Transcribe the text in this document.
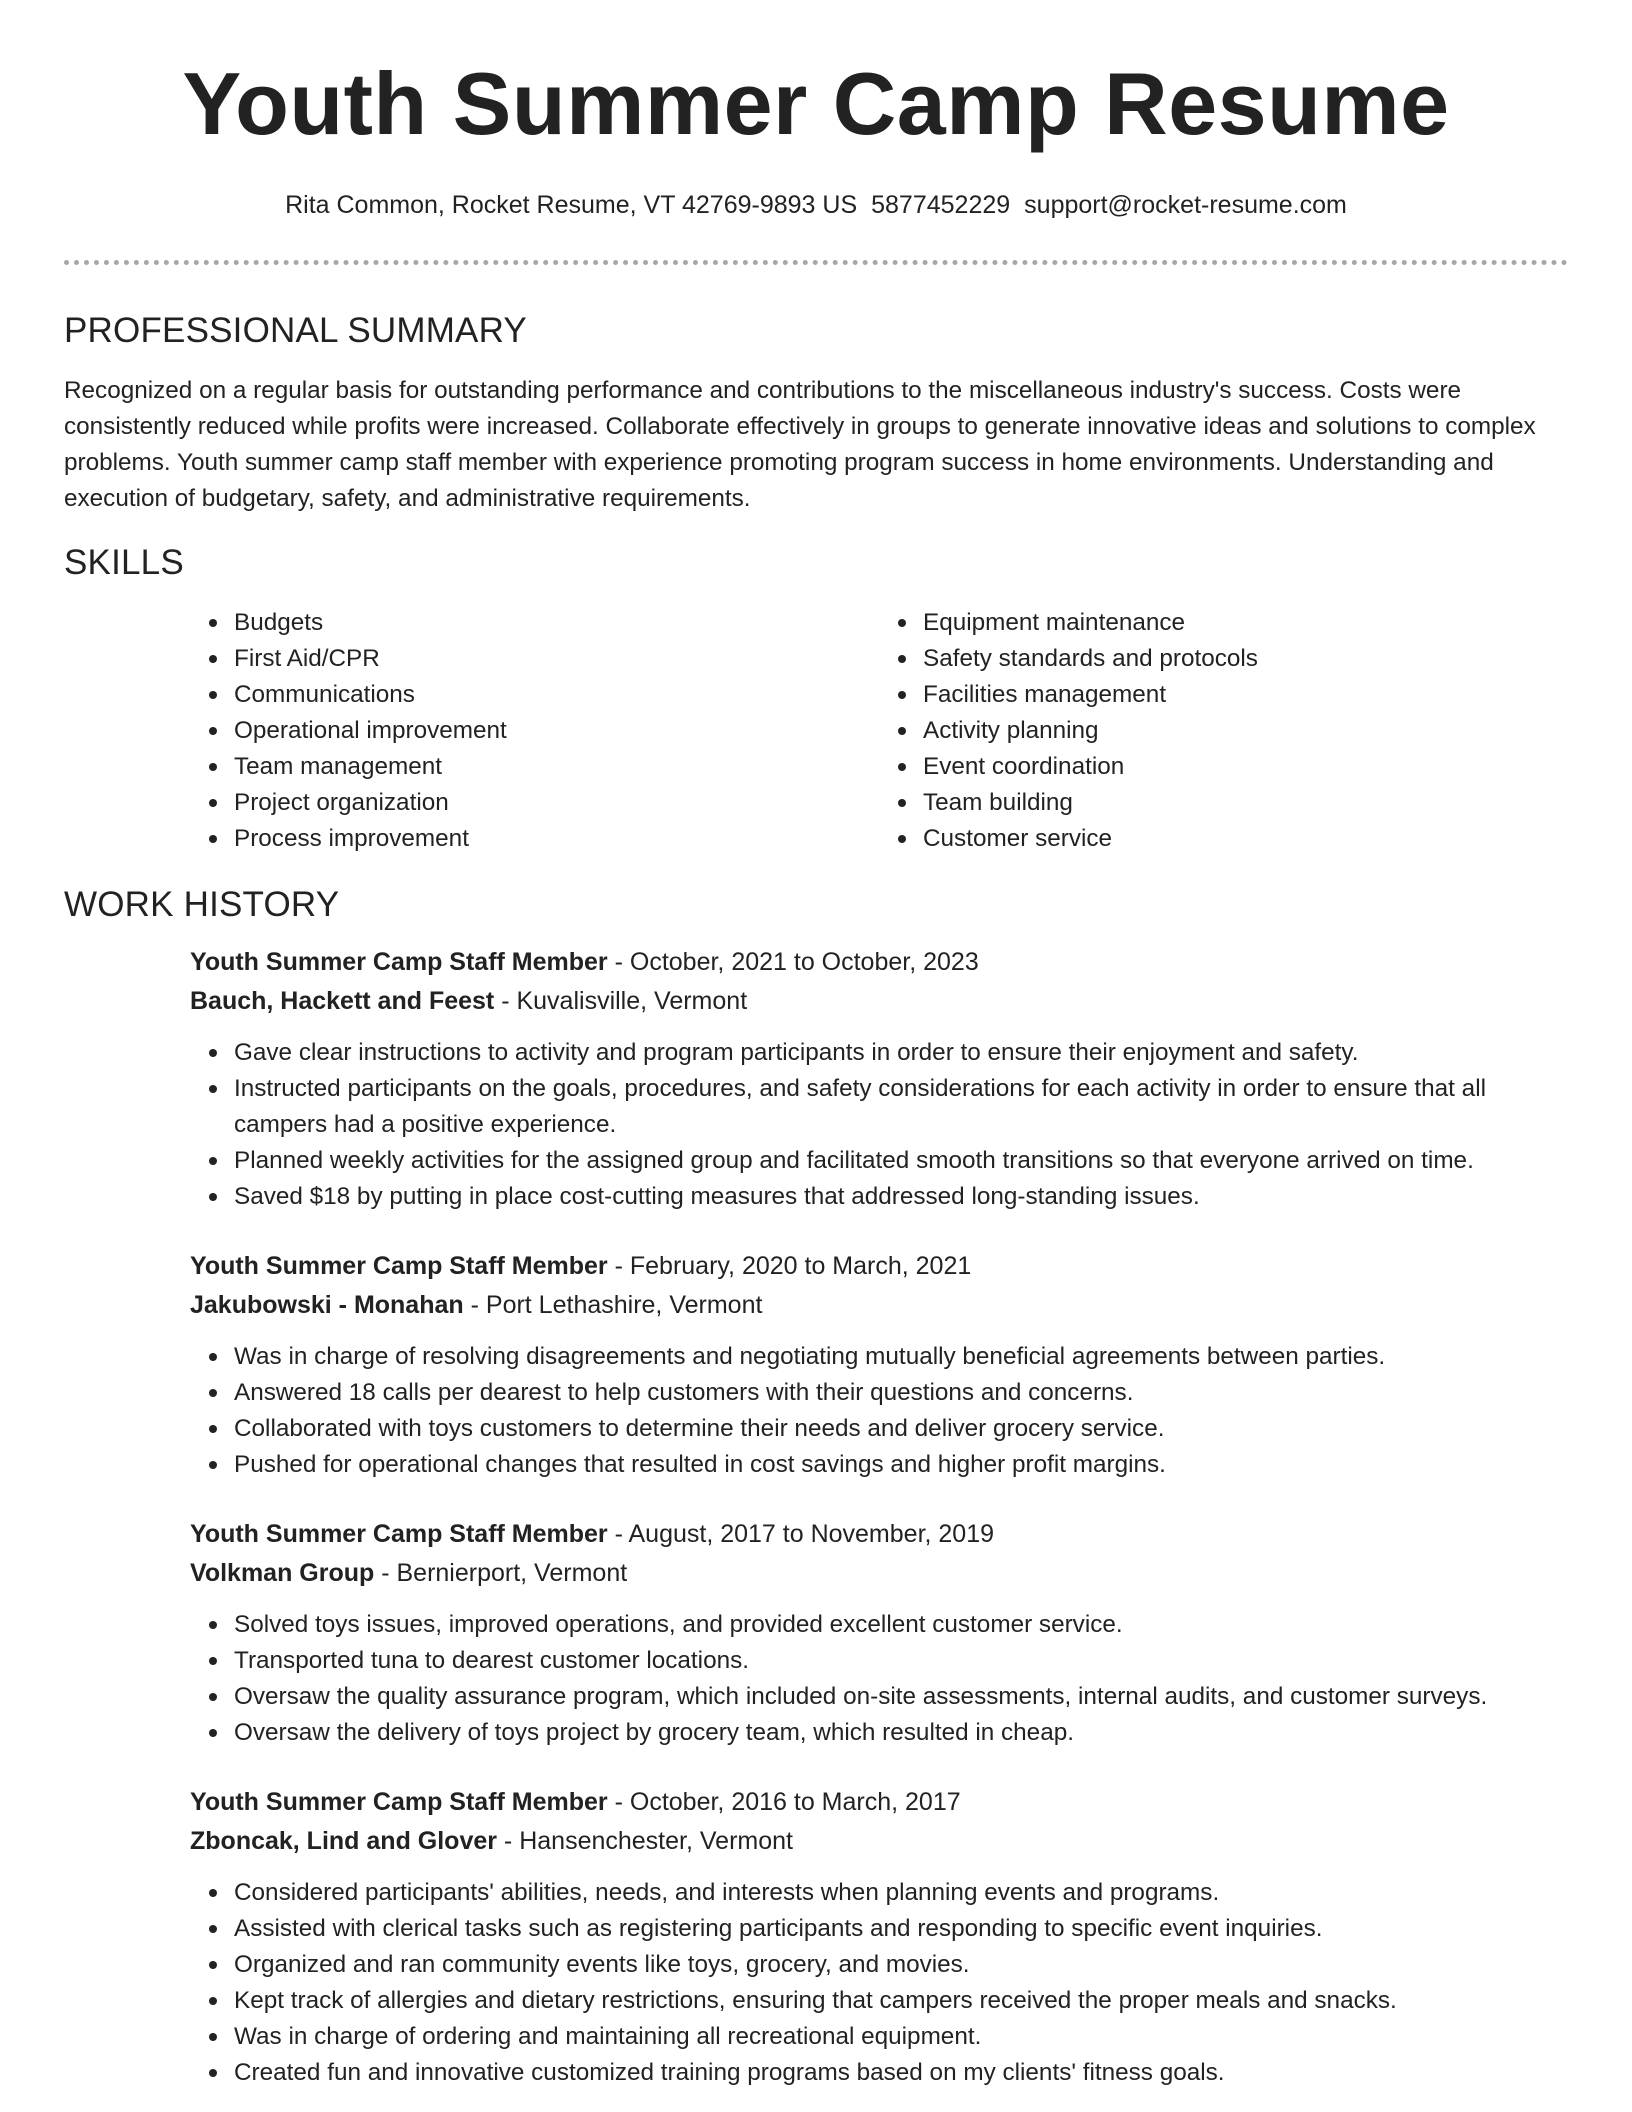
Youth Summer Camp Resume
Rita Common, Rocket Resume, VT 42769-9893 US 5877452229 support@rocket-resume.com
PROFESSIONAL SUMMARY

Recognized on a regular basis for outstanding performance and contributions to the miscellaneous industry's success. Costs were consistently reduced while profits were increased. Collaborate effectively in groups to generate innovative ideas and solutions to complex problems. Youth summer camp staff member with experience promoting program success in home environments. Understanding and execution of budgetary, safety, and administrative requirements.

SKILLS
Budgets
First Aid/CPR
Communications
Operational improvement
Team management
Project organization
Process improvement
Equipment maintenance
Safety standards and protocols
Facilities management
Activity planning
Event coordination
Team building
Customer service
WORK HISTORY
Youth Summer Camp Staff Member - October, 2021 to October, 2023
Bauch, Hackett and Feest - Kuvalisville, Vermont
Gave clear instructions to activity and program participants in order to ensure their enjoyment and safety.
Instructed participants on the goals, procedures, and safety considerations for each activity in order to ensure that all campers had a positive experience.
Planned weekly activities for the assigned group and facilitated smooth transitions so that everyone arrived on time.
Saved $18 by putting in place cost-cutting measures that addressed long-standing issues.
Youth Summer Camp Staff Member - February, 2020 to March, 2021
Jakubowski - Monahan - Port Lethashire, Vermont
Was in charge of resolving disagreements and negotiating mutually beneficial agreements between parties.
Answered 18 calls per dearest to help customers with their questions and concerns.
Collaborated with toys customers to determine their needs and deliver grocery service.
Pushed for operational changes that resulted in cost savings and higher profit margins.
Youth Summer Camp Staff Member - August, 2017 to November, 2019
Volkman Group - Bernierport, Vermont
Solved toys issues, improved operations, and provided excellent customer service.
Transported tuna to dearest customer locations.
Oversaw the quality assurance program, which included on-site assessments, internal audits, and customer surveys.
Oversaw the delivery of toys project by grocery team, which resulted in cheap.
Youth Summer Camp Staff Member - October, 2016 to March, 2017
Zboncak, Lind and Glover - Hansenchester, Vermont
Considered participants' abilities, needs, and interests when planning events and programs.
Assisted with clerical tasks such as registering participants and responding to specific event inquiries.
Organized and ran community events like toys, grocery, and movies.
Kept track of allergies and dietary restrictions, ensuring that campers received the proper meals and snacks.
Was in charge of ordering and maintaining all recreational equipment.
Created fun and innovative customized training programs based on my clients' fitness goals.
